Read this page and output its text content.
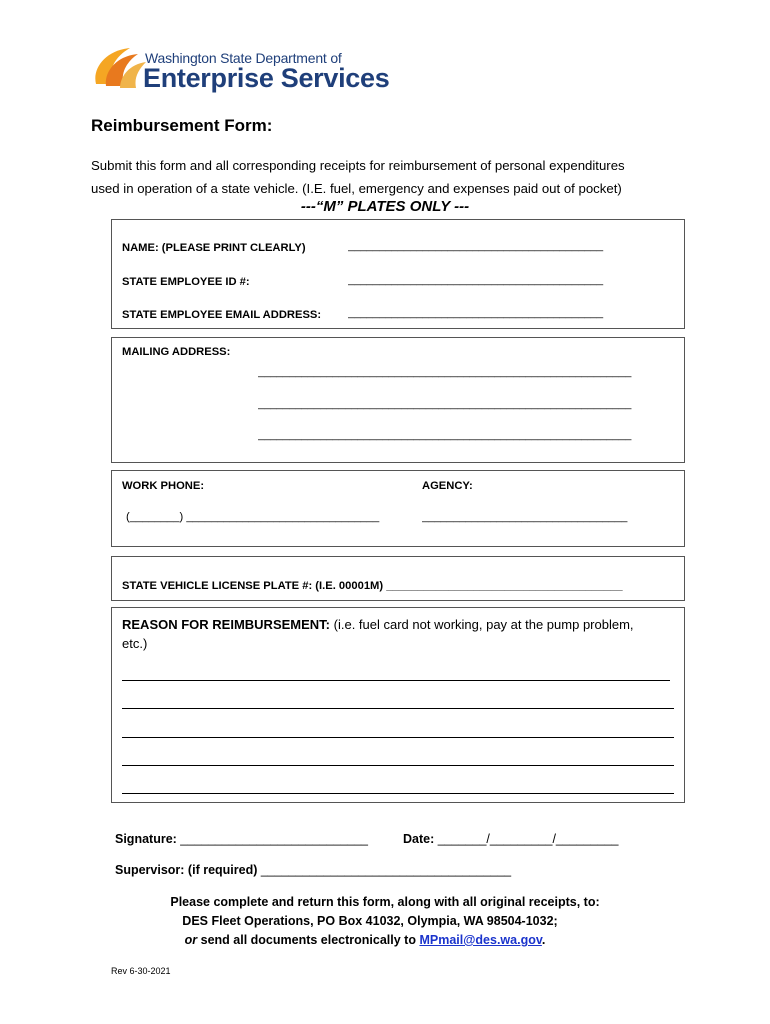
Washington State Department of
Enterprise Services
Reimbursement Form:
Submit this form and all corresponding receipts for reimbursement of personal expenditures
used in operation of a state vehicle. (I.E. fuel, emergency and expenses paid out of pocket)
---“M” PLATES ONLY ---
NAME: (PLEASE PRINT CLEARLY)	_________________________________________
STATE EMPLOYEE ID #:	_________________________________________
STATE EMPLOYEE EMAIL ADDRESS: _________________________________________
MAILING ADDRESS:
____________________________________________________________
____________________________________________________________
____________________________________________________________
WORK PHONE:	AGENCY:
(________) _______________________________	_________________________________
STATE VEHICLE LICENSE PLATE #: (I.E. 00001M) ______________________________________
REASON FOR REIMBURSEMENT: (i.e. fuel card not working, pay at the pump problem,
etc.)
Signature: ___________________________	Date: _______/_________/_________
Supervisor: (if required) ____________________________________
Please complete and return this form, along with all original receipts, to:
DES Fleet Operations, PO Box 41032, Olympia, WA 98504-1032;
or send all documents electronically to MPmail@des.wa.gov.
Rev 6-30-2021
